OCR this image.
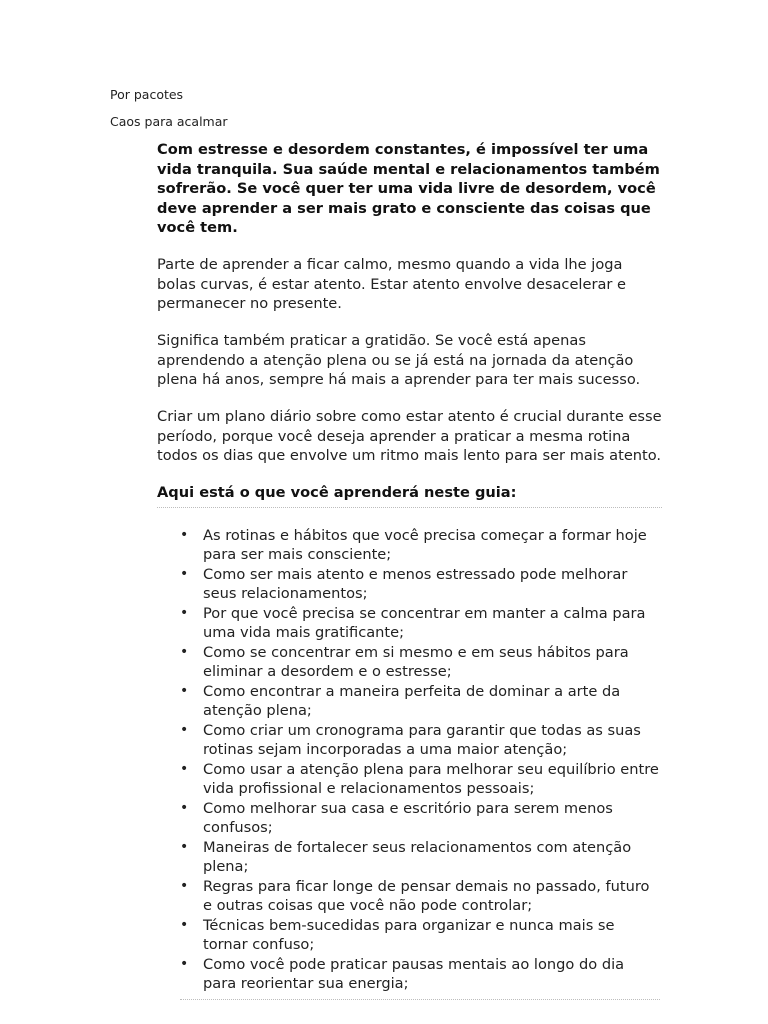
Por pacotes
Caos para acalmar

Com estresse e desordem constantes, é impossível ter uma vida tranquila. Sua saúde mental e relacionamentos também sofrerão. Se você quer ter uma vida livre de desordem, você deve aprender a ser mais grato e consciente das coisas que você tem.

Parte de aprender a ficar calmo, mesmo quando a vida lhe joga bolas curvas, é estar atento. Estar atento envolve desacelerar e permanecer no presente.

Significa também praticar a gratidão. Se você está apenas aprendendo a atenção plena ou se já está na jornada da atenção plena há anos, sempre há mais a aprender para ter mais sucesso.

Criar um plano diário sobre como estar atento é crucial durante esse período, porque você deseja aprender a praticar a mesma rotina todos os dias que envolve um ritmo mais lento para ser mais atento.

Aqui está o que você aprenderá neste guia:
• As rotinas e hábitos que você precisa começar a formar hoje para ser mais consciente;
• Como ser mais atento e menos estressado pode melhorar seus relacionamentos;
• Por que você precisa se concentrar em manter a calma para uma vida mais gratificante;
• Como se concentrar em si mesmo e em seus hábitos para eliminar a desordem e o estresse;
• Como encontrar a maneira perfeita de dominar a arte da atenção plena;
• Como criar um cronograma para garantir que todas as suas rotinas sejam incorporadas a uma maior atenção;
• Como usar a atenção plena para melhorar seu equilíbrio entre vida profissional e relacionamentos pessoais;
• Como melhorar sua casa e escritório para serem menos confusos;
• Maneiras de fortalecer seus relacionamentos com atenção plena;
• Regras para ficar longe de pensar demais no passado, futuro e outras coisas que você não pode controlar;
• Técnicas bem-sucedidas para organizar e nunca mais se tornar confuso;
• Como você pode praticar pausas mentais ao longo do dia para reorientar sua energia;
